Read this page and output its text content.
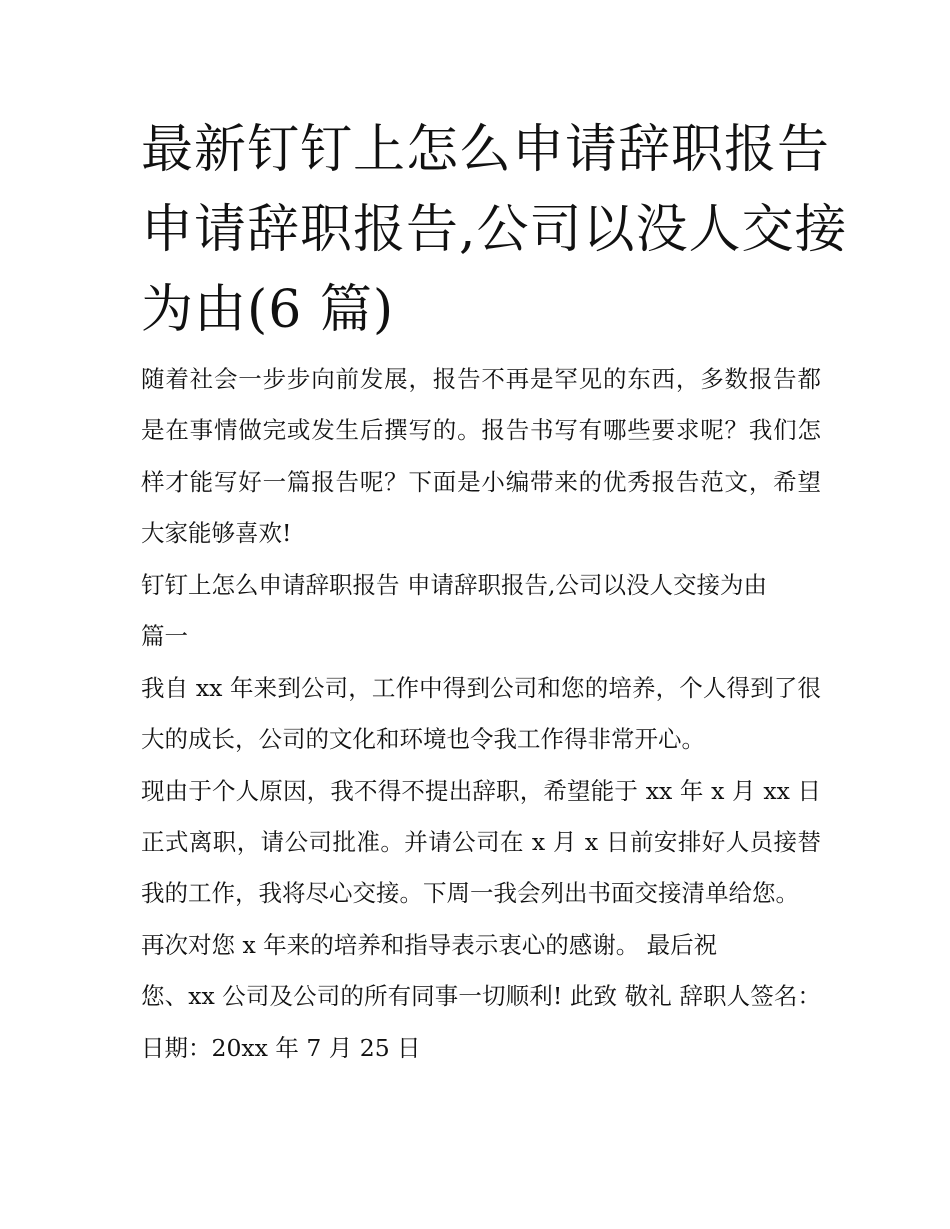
最新钉钉上怎么申请辞职报告
申请辞职报告,公司以没人交接
为由(6 篇)

随着社会一步步向前发展，报告不再是罕见的东西，多数报告都是在事情做完或发生后撰写的。报告书写有哪些要求呢？我们怎样才能写好一篇报告呢？下面是小编带来的优秀报告范文，希望大家能够喜欢!

钉钉上怎么申请辞职报告 申请辞职报告,公司以没人交接为由

篇一

我自 xx 年来到公司，工作中得到公司和您的培养，个人得到了很大的成长，公司的文化和环境也令我工作得非常开心。

现由于个人原因，我不得不提出辞职，希望能于 xx 年 x 月 xx 日正式离职，请公司批准。并请公司在 x 月 x 日前安排好人员接替我的工作，我将尽心交接。下周一我会列出书面交接清单给您。

再次对您 x 年来的培养和指导表示衷心的感谢。 最后祝

您、xx 公司及公司的所有同事一切顺利! 此致 敬礼 辞职人签名： 日期：20xx 年 7 月 25 日
